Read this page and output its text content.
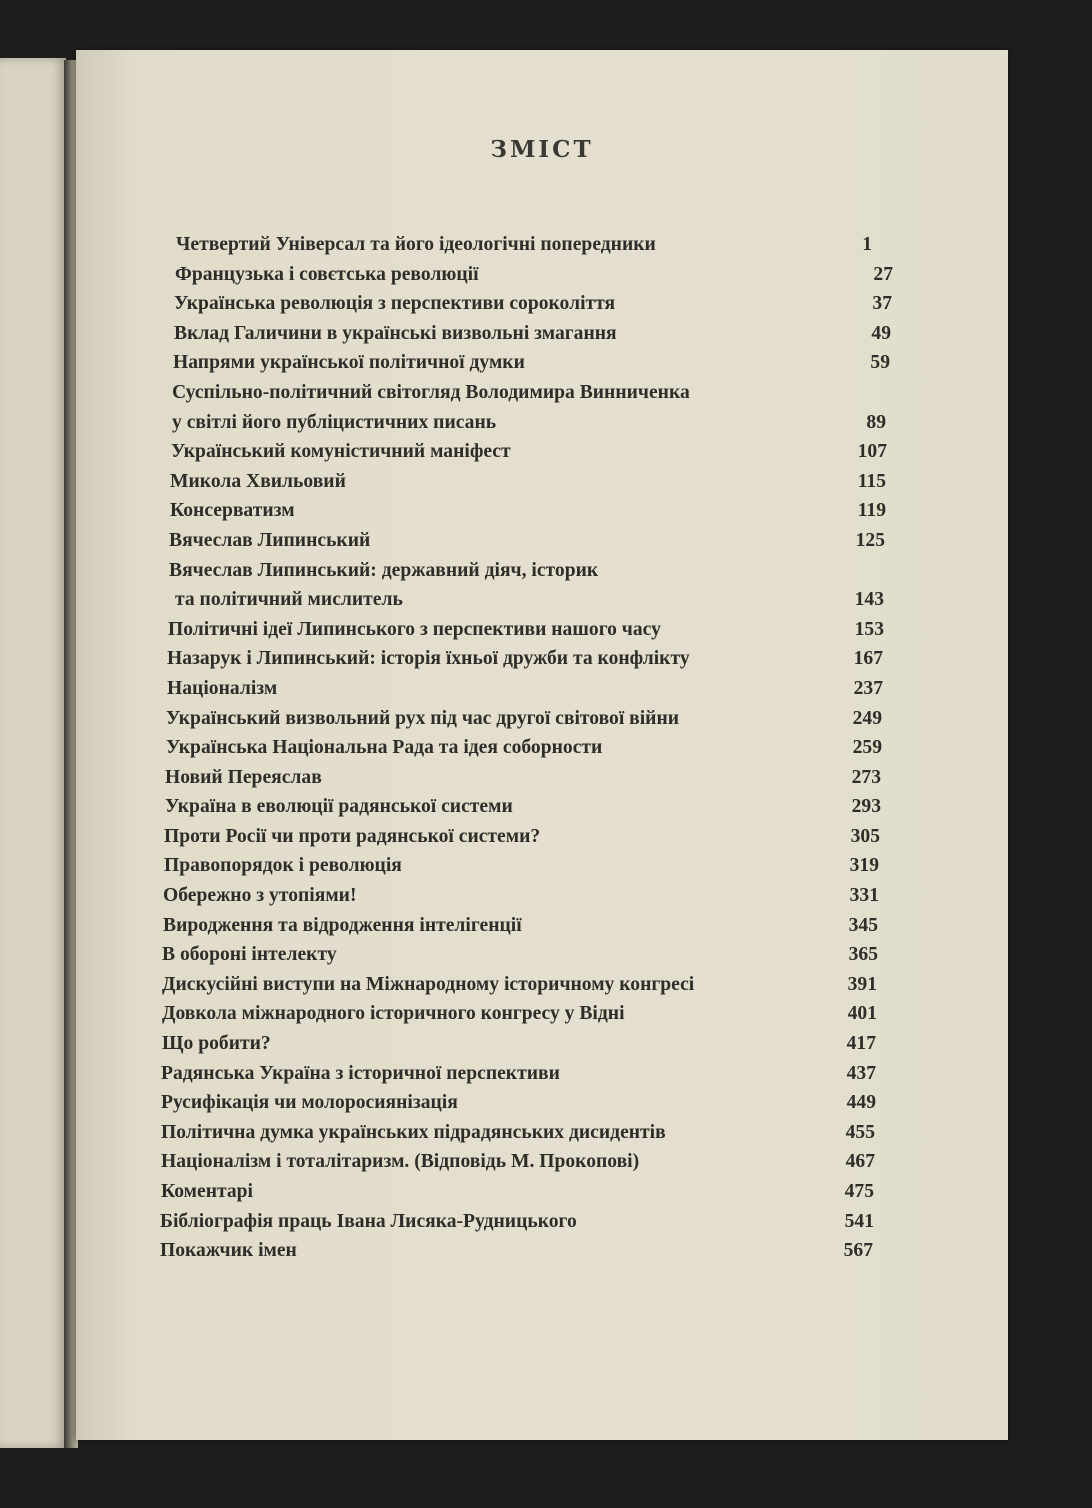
ЗМІСТ
Четвертий Універсал та його ідеологічні попередники	1
Французька і совєтська революції	27
Українська революція з перспективи сороколіття	37
Вклад Галичини в українські визвольні змагання	49
Напрями української політичної думки	59
Суспільно-політичний світогляд Володимира Винниченка
у світлі його публіцистичних писань	89
Український комуністичний маніфест	107
Микола Хвильовий	115
Консерватизм	119
Вячеслав Липинський	125
Вячеслав Липинський: державний діяч, історик
та політичний мислитель	143
Політичні ідеї Липинського з перспективи нашого часу	153
Назарук і Липинський: історія їхньої дружби та конфлікту	167
Націоналізм	237
Український визвольний рух під час другої світової війни	249
Українська Національна Рада та ідея соборности	259
Новий Переяслав	273
Україна в еволюції радянської системи	293
Проти Росії чи проти радянської системи?	305
Правопорядок і революція	319
Обережно з утопіями!	331
Виродження та відродження інтелігенції	345
В обороні інтелекту	365
Дискусійні виступи на Міжнародному історичному конгресі	391
Довкола міжнародного історичного конгресу у Відні	401
Що робити?	417
Радянська Україна з історичної перспективи	437
Русифікація чи молоросиянізація	449
Політична думка українських підрадянських дисидентів	455
Націоналізм і тоталітаризм. (Відповідь М. Прокопові)	467
Коментарі	475
Бібліографія праць Івана Лисяка-Рудницького	541
Покажчик імен	567
